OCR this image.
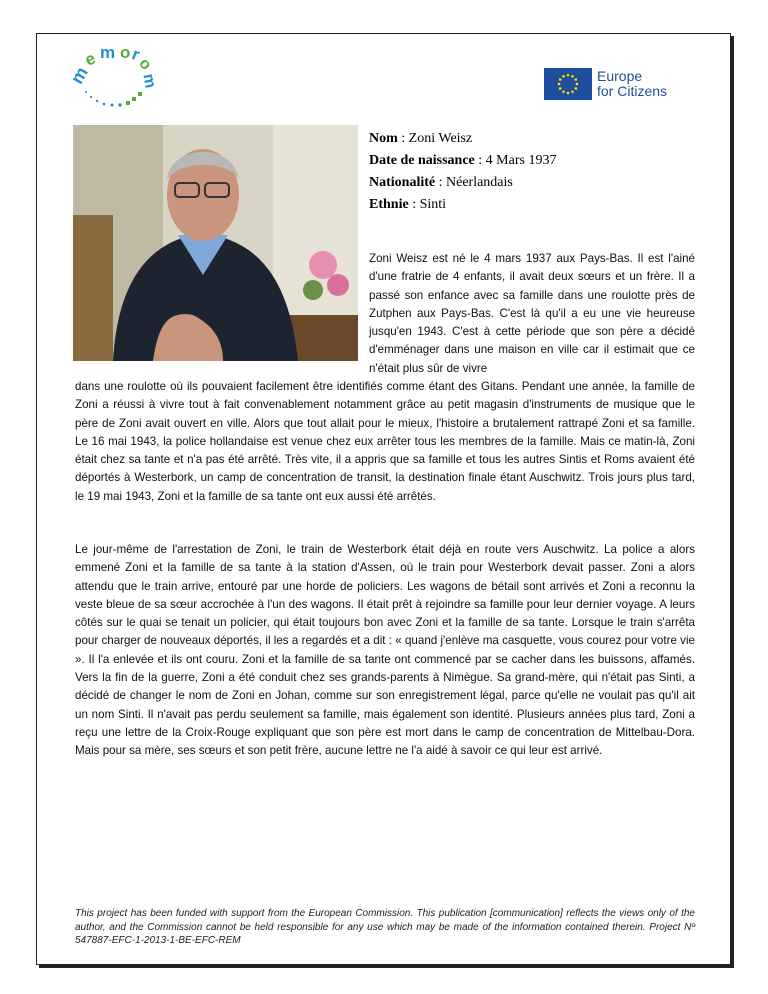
m
e m o r
o
m	Europe
for Citizens
Nom : Zoni Weisz
Date de naissance : 4 Mars 1937
Nationalité : Néerlandais
Ethnie : Sinti
Zoni Weisz est né le 4 mars 1937 aux Pays-Bas. Il est l'ainé d'une fratrie de 4 enfants, il avait deux sœurs et un frère. Il a passé son enfance avec sa famille dans une roulotte près de Zutphen aux Pays-Bas. C'est là qu'il a eu une vie heureuse jusqu'en 1943. C'est à cette période que son père a décidé d'emménager dans une maison en ville car il estimait que ce n'était plus sûr de vivre
dans une roulotte où ils pouvaient facilement être identifiés comme étant des Gitans. Pendant une année, la famille de Zoni a réussi à vivre tout à fait convenablement notamment grâce au petit magasin d'instruments de musique que le père de Zoni avait ouvert en ville. Alors que tout allait pour le mieux, l'histoire a brutalement rattrapé Zoni et sa famille. Le 16 mai 1943, la police hollandaise est venue chez eux arrêter tous les membres de la famille. Mais ce matin-là, Zoni était chez sa tante et n'a pas été arrêté. Très vite, il a appris que sa famille et tous les autres Sintis et Roms avaient été déportés à Westerbork, un camp de concentration de transit, la destination finale étant Auschwitz. Trois jours plus tard, le 19 mai 1943, Zoni et la famille de sa tante ont eux aussi été arrêtés.
Le jour-même de l'arrestation de Zoni, le train de Westerbork était déjà en route vers Auschwitz. La police a alors emmené Zoni et la famille de sa tante à la station d'Assen, où le train pour Westerbork devait passer. Zoni a alors attendu que le train arrive, entouré par une horde de policiers. Les wagons de bétail sont arrivés et Zoni a reconnu la veste bleue de sa sœur accrochée à l'un des wagons. Il était prêt à rejoindre sa famille pour leur dernier voyage. A leurs côtés sur le quai se tenait un policier, qui était toujours bon avec Zoni et la famille de sa tante. Lorsque le train s'arrêta pour charger de nouveaux déportés, il les a regardés et a dit : « quand j'enlève ma casquette, vous courez pour votre vie ». Il l'a enlevée et ils ont couru. Zoni et la famille de sa tante ont commencé par se cacher dans les buissons, affamés. Vers la fin de la guerre, Zoni a été conduit chez ses grands-parents à Nimègue. Sa grand-mère, qui n'était pas Sinti, a décidé de changer le nom de Zoni en Johan, comme sur son enregistrement légal, parce qu'elle ne voulait pas qu'il ait un nom Sinti. Il n'avait pas perdu seulement sa famille, mais également son identité. Plusieurs années plus tard, Zoni a reçu une lettre de la Croix-Rouge expliquant que son père est mort dans le camp de concentration de Mittelbau-Dora. Mais pour sa mère, ses sœurs et son petit frère, aucune lettre ne l'a aidé à savoir ce qui leur est arrivé.
This project has been funded with support from the European Commission. This publication [communication] reflects the views only of the author, and the Commission cannot be held responsible for any use which may be made of the information contained therein. Project Nº 547887-EFC-1-2013-1-BE-EFC-REM
